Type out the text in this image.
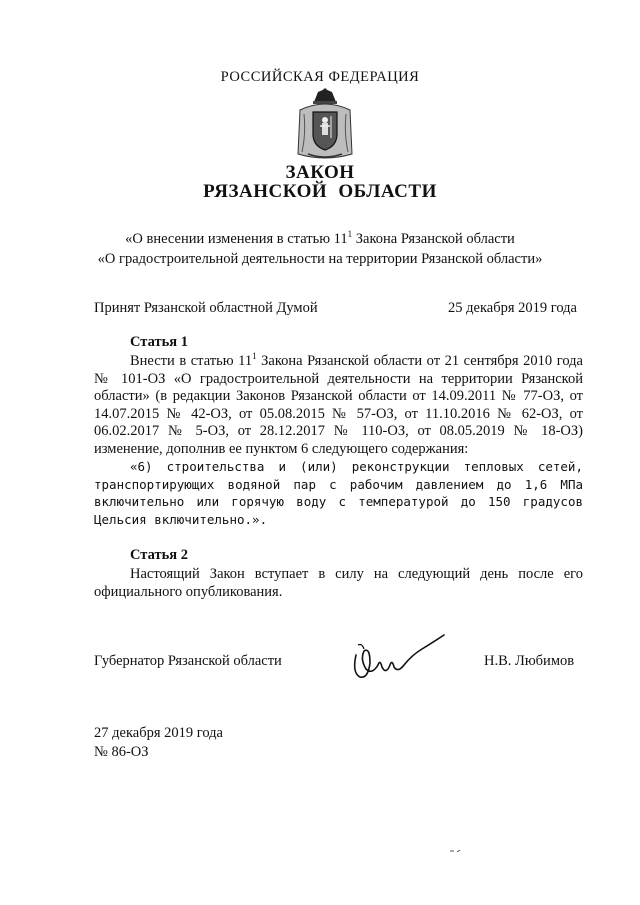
РОССИЙСКАЯ ФЕДЕРАЦИЯ
ЗАКОН
РЯЗАНСКОЙ ОБЛАСТИ
«О внесении изменения в статью $11^1$ Закона Рязанской области
«О градостроительной деятельности на территории Рязанской области»
Принят Рязанской областной Думой	25 декабря 2019 года
Статья 1

Внести в статью $11^1$ Закона Рязанской области от 21 сентября 2010 года № 101-ОЗ «О градостроительной деятельности на территории Рязанской области» (в редакции Законов Рязанской области от 14.09.2011 № 77-ОЗ, от 14.07.2015 № 42-ОЗ, от 05.08.2015 № 57-ОЗ, от 11.10.2016 № 62-ОЗ, от 06.02.2017 № 5-ОЗ, от 28.12.2017 № 110-ОЗ, от 08.05.2019 № 18-ОЗ) изменение, дополнив ее пунктом 6 следующего содержания:

«6) строительства и (или) реконструкции тепловых сетей, транспортирующих водяной пар с рабочим давлением до 1,6 МПа включительно или горячую воду с температурой до 150 градусов Цельсия включительно.».

Статья 2

Настоящий Закон вступает в силу на следующий день после его официального опубликования.

Губернатор Рязанской области	Н.В. Любимов
27 декабря 2019 года
№ 86-ОЗ
